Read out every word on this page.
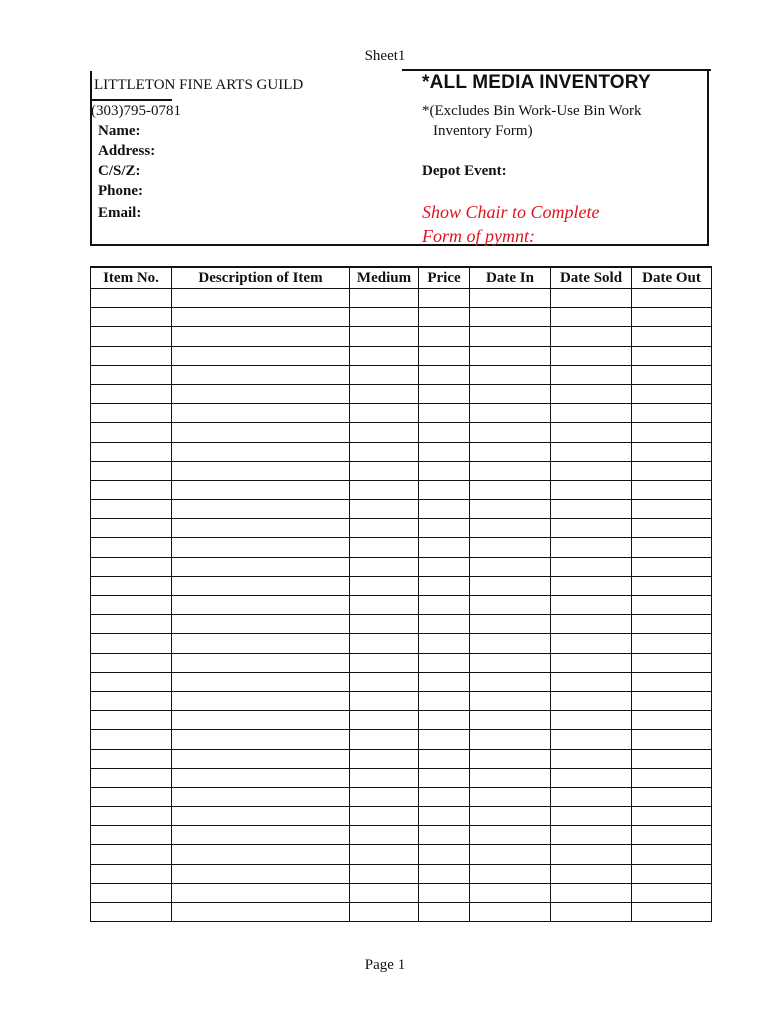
Sheet1
LITTLETON FINE ARTS GUILD
(303)795-0781
Name:
Address:
C/S/Z:
Phone:
Email:
*ALL MEDIA INVENTORY
*(Excludes Bin Work-Use Bin Work
Inventory Form)
Depot Event:
Show Chair to Complete
Form of pymnt:
Item No.	Description of Item	Medium	Price	Date In	Date Sold	Date Out

Page 1
